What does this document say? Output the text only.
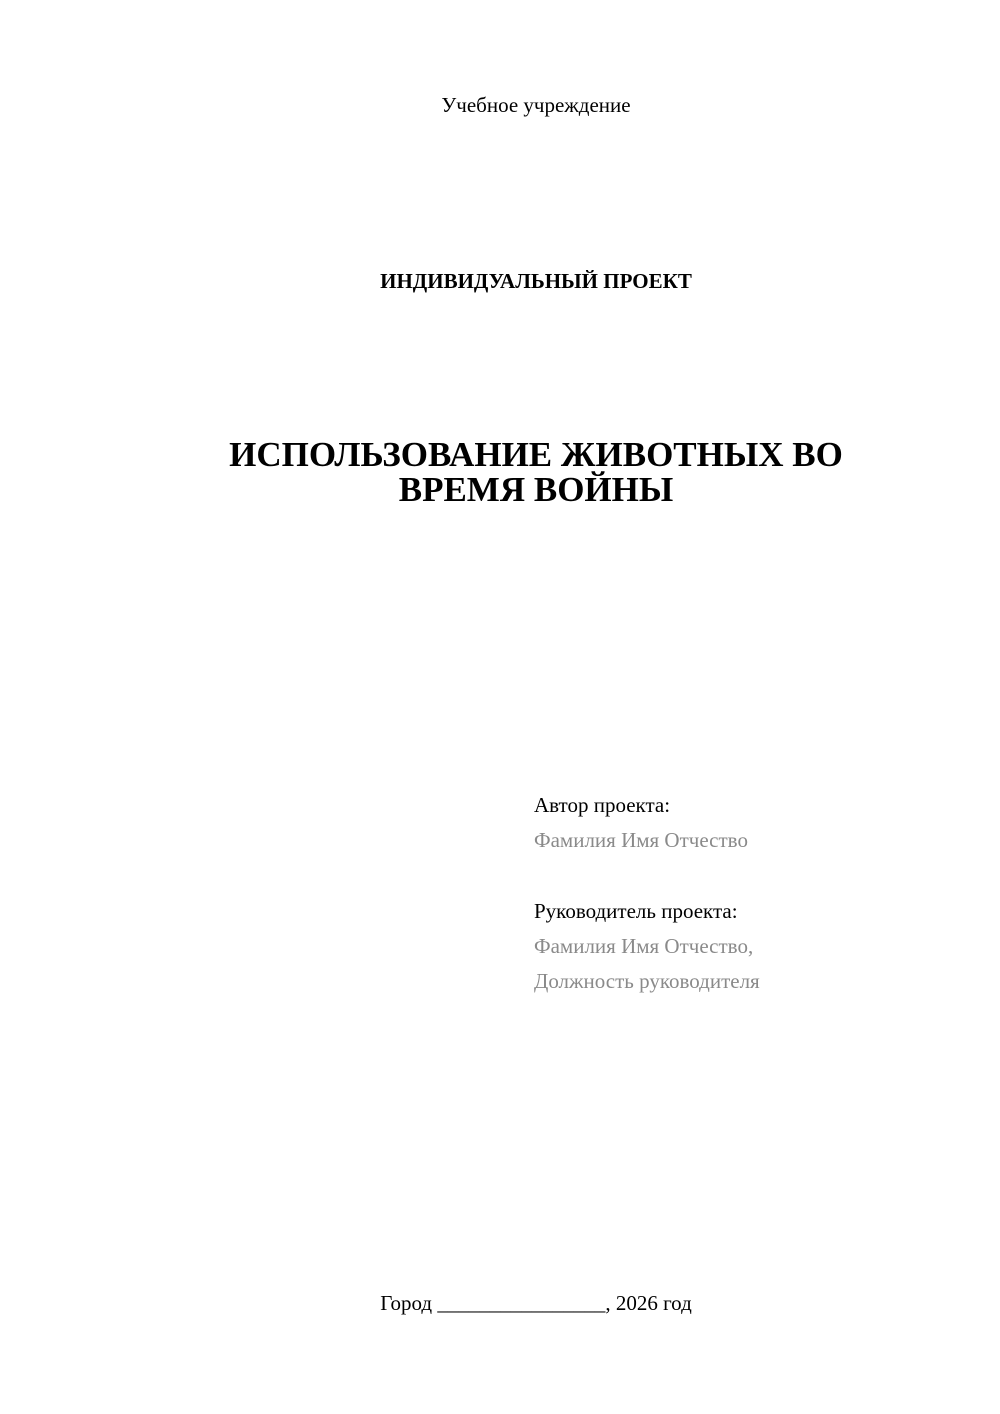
Учебное учреждение
ИНДИВИДУАЛЬНЫЙ ПРОЕКТ
ИСПОЛЬЗОВАНИЕ ЖИВОТНЫХ ВО
ВРЕМЯ ВОЙНЫ
Автор проекта:
Фамилия Имя Отчество
Руководитель проекта:
Фамилия Имя Отчество,
Должность руководителя
Город ________________, 2026 год
